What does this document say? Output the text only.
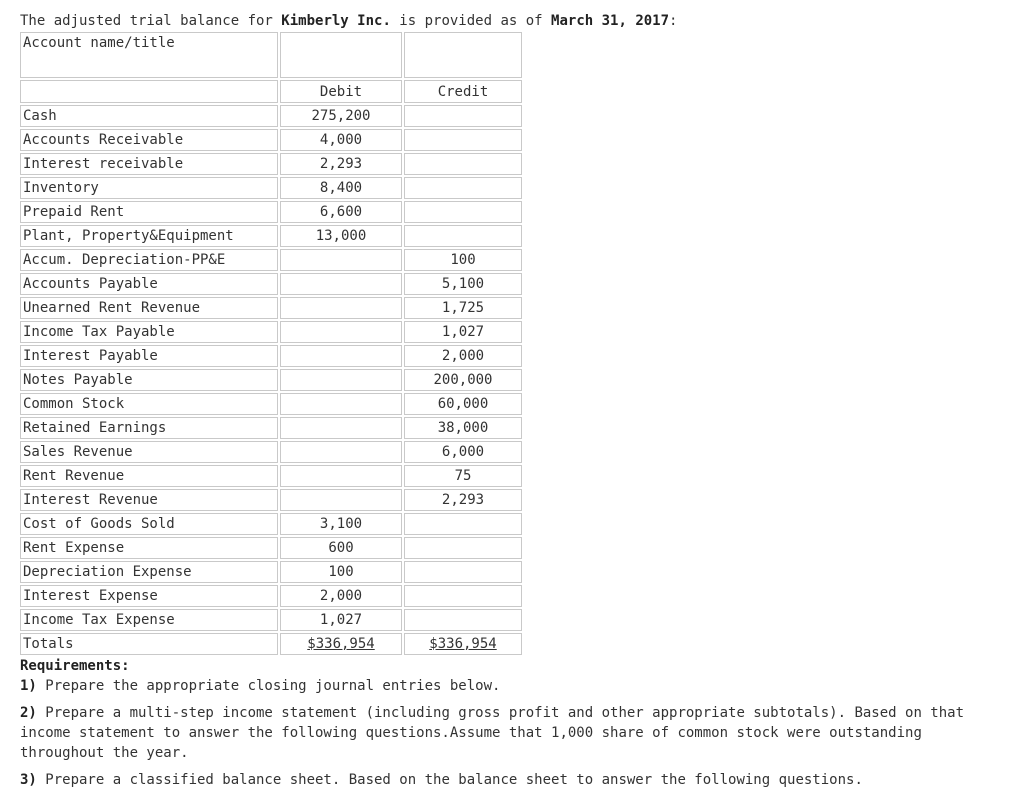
The adjusted trial balance for Kimberly Inc. is provided as of March 31, 2017:
Account name/title		
	Debit	Credit
Cash	275,200	
Accounts Receivable	4,000	
Interest receivable	2,293	
Inventory	8,400	
Prepaid Rent	6,600	
Plant, Property&Equipment	13,000	
Accum. Depreciation-PP&E		100
Accounts Payable		5,100
Unearned Rent Revenue		1,725
Income Tax Payable		1,027
Interest Payable		2,000
Notes Payable		200,000
Common Stock		60,000
Retained Earnings		38,000
Sales Revenue		6,000
Rent Revenue		75
Interest Revenue		2,293
Cost of Goods Sold	3,100	
Rent Expense	600	
Depreciation Expense	100	
Interest Expense	2,000	
Income Tax Expense	1,027	
Totals	$336,954	$336,954
Requirements:

1) Prepare the appropriate closing journal entries below.

2) Prepare a multi-step income statement (including gross profit and other appropriate subtotals). Based on that income statement to answer the following questions.Assume that 1,000 share of common stock were outstanding throughout the year.

3) Prepare a classified balance sheet. Based on the balance sheet to answer the following questions.
